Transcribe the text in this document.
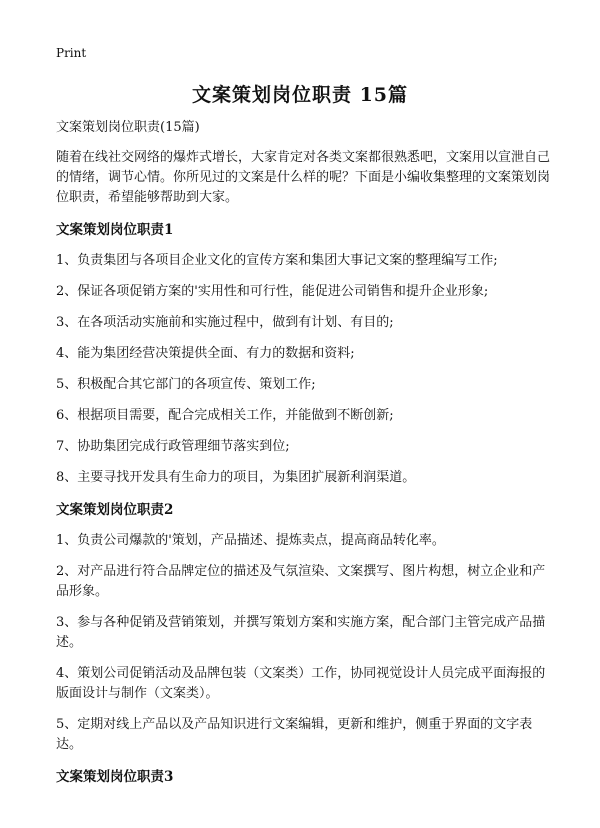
Print
文案策划岗位职责 15篇

文案策划岗位职责(15篇)

随着在线社交网络的爆炸式增长，大家肯定对各类文案都很熟悉吧，文案用以宣泄自己的情绪，调节心情。你所见过的文案是什么样的呢？下面是小编收集整理的文案策划岗位职责，希望能够帮助到大家。

文案策划岗位职责1
1、负责集团与各项目企业文化的宣传方案和集团大事记文案的整理编写工作;
2、保证各项促销方案的'实用性和可行性，能促进公司销售和提升企业形象;
3、在各项活动实施前和实施过程中，做到有计划、有目的;
4、能为集团经营决策提供全面、有力的数据和资料;
5、积极配合其它部门的各项宣传、策划工作;
6、根据项目需要，配合完成相关工作，并能做到不断创新;
7、协助集团完成行政管理细节落实到位;
8、主要寻找开发具有生命力的项目，为集团扩展新利润渠道。
文案策划岗位职责2
1、负责公司爆款的'策划，产品描述、提炼卖点，提高商品转化率。
2、对产品进行符合品牌定位的描述及气氛渲染、文案撰写、图片构想，树立企业和产品形象。
3、参与各种促销及营销策划，并撰写策划方案和实施方案，配合部门主管完成产品描述。
4、策划公司促销活动及品牌包装（文案类）工作，协同视觉设计人员完成平面海报的版面设计与制作（文案类）。
5、定期对线上产品以及产品知识进行文案编辑，更新和维护，侧重于界面的文字表达。
文案策划岗位职责3
